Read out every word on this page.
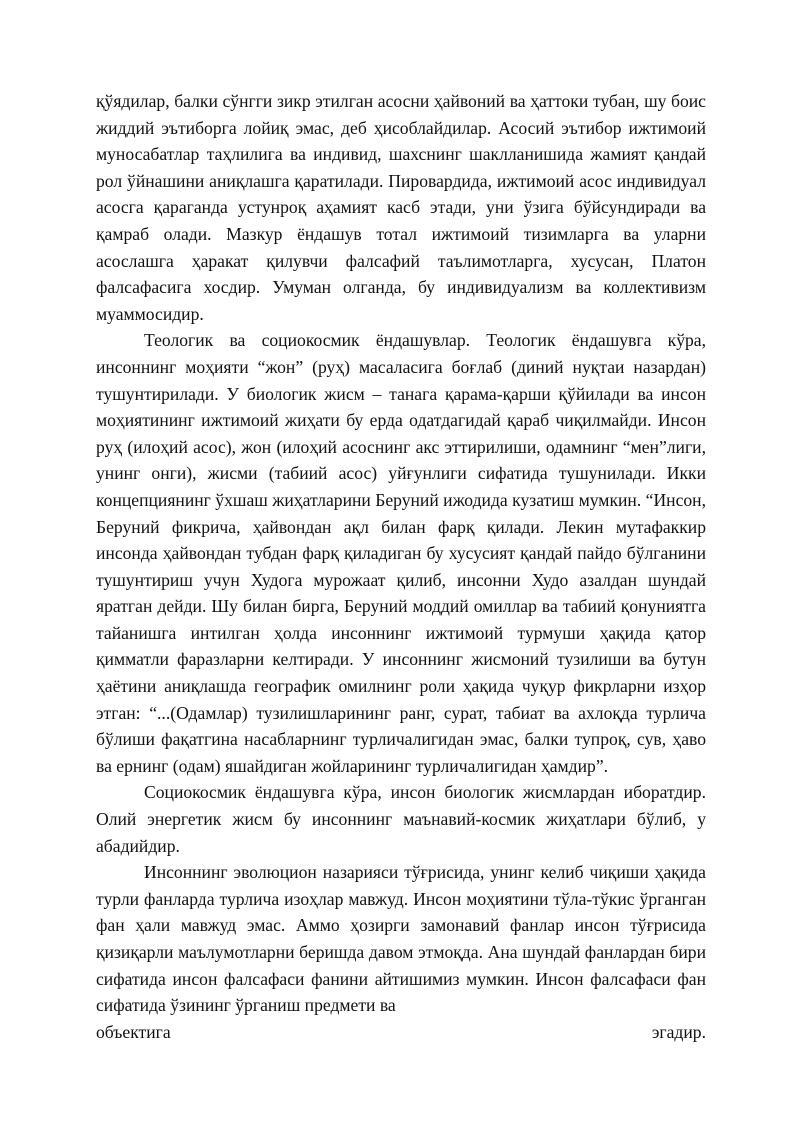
қўядилар, балки сўнгги зикр этилган асосни ҳайвоний ва ҳаттоки тубан, шу боис жиддий эътиборга лойиқ эмас, деб ҳисоблайдилар. Асосий эътибор ижтимоий муносабатлар таҳлилига ва индивид, шахснинг шаклланишида жамият қандай рол ўйнашини аниқлашга қаратилади. Пировардида, ижтимоий асос индивидуал асосга қараганда устунроқ аҳамият касб этади, уни ўзига бўйсундиради ва қамраб олади. Мазкур ёндашув тотал ижтимоий тизимларга ва уларни асослашга ҳаракат қилувчи фалсафий таълимотларга, хусусан, Платон фалсафасига хосдир. Умуман олганда, бу индивидуализм ва коллективизм муаммосидир.

Теологик ва социокосмик ёндашувлар. Теологик ёндашувга кўра, инсоннинг моҳияти “жон” (руҳ) масаласига боғлаб (диний нуқтаи назардан) тушунтирилади. У биологик жисм – танага қарама-қарши қўйилади ва инсон моҳиятининг ижтимоий жиҳати бу ерда одатдагидай қараб чиқилмайди. Инсон руҳ (илоҳий асос), жон (илоҳий асоснинг акс эттирилиши, одамнинг “мен”лиги, унинг онги), жисми (табиий асос) уйғунлиги сифатида тушунилади. Икки концепциянинг ўхшаш жиҳатларини Беруний ижодида кузатиш мумкин. “Инсон, Беруний фикрича, ҳайвондан ақл билан фарқ қилади. Лекин мутафаккир инсонда ҳайвондан тубдан фарқ қиладиган бу хусусият қандай пайдо бўлганини тушунтириш учун Худога мурожаат қилиб, инсонни Худо азалдан шундай яратган дейди. Шу билан бирга, Беруний моддий омиллар ва табиий қонуниятга тайанишга интилган ҳолда инсоннинг ижтимоий турмуши ҳақида қатор қимматли фаразларни келтиради. У инсоннинг жисмоний тузилиши ва бутун ҳаётини аниқлашда географик омилнинг роли ҳақида чуқур фикрларни изҳор этган: “...(Одамлар) тузилишларининг ранг, сурат, табиат ва ахлоқда турлича бўлиши фақатгина насабларнинг турличалигидан эмас, балки тупроқ, сув, ҳаво ва ернинг (одам) яшайдиган жойларининг турличалигидан ҳамдир”.

Социокосмик ёндашувга кўра, инсон биологик жисмлардан иборатдир. Олий энергетик жисм бу инсоннинг маънавий-космик жиҳатлари бўлиб, у абадийдир.

Инсоннинг эволюцион назарияси тўғрисида, унинг келиб чиқиши ҳақида турли фанларда турлича изоҳлар мавжуд. Инсон моҳиятини тўла-тўкис ўрганган фан ҳали мавжуд эмас. Аммо ҳозирги замонавий фанлар инсон тўғрисида қизиқарли маълумотларни беришда давом этмоқда. Ана шундай фанлардан бири сифатида инсон фалсафаси фанини айтишимиз мумкин. Инсон фалсафаси фан сифатида ўзининг ўрганиш предмети ва

объектига	эгадир.
